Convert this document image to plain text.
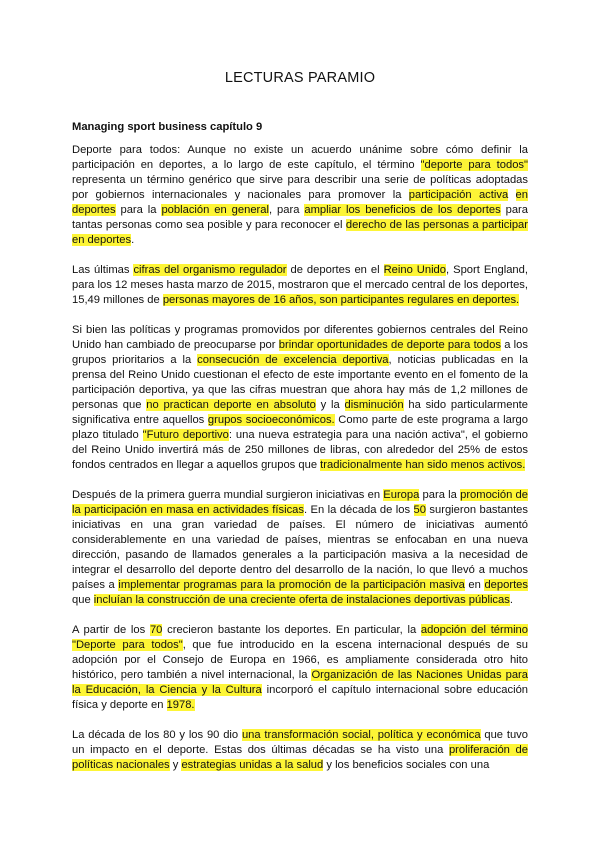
LECTURAS PARAMIO
Managing sport business capítulo 9

Deporte para todos: Aunque no existe un acuerdo unánime sobre cómo definir la participación en deportes, a lo largo de este capítulo, el término "deporte para todos" representa un término genérico que sirve para describir una serie de políticas adoptadas por gobiernos internacionales y nacionales para promover la participación activa en deportes para la población en general, para ampliar los beneficios de los deportes para tantas personas como sea posible y para reconocer el derecho de las personas a participar en deportes.

Las últimas cifras del organismo regulador de deportes en el Reino Unido, Sport England, para los 12 meses hasta marzo de 2015, mostraron que el mercado central de los deportes, 15,49 millones de personas mayores de 16 años, son participantes regulares en deportes.

Si bien las políticas y programas promovidos por diferentes gobiernos centrales del Reino Unido han cambiado de preocuparse por brindar oportunidades de deporte para todos a los grupos prioritarios a la consecución de excelencia deportiva, noticias publicadas en la prensa del Reino Unido cuestionan el efecto de este importante evento en el fomento de la participación deportiva, ya que las cifras muestran que ahora hay más de 1,2 millones de personas que no practican deporte en absoluto y la disminución ha sido particularmente significativa entre aquellos grupos socioeconómicos. Como parte de este programa a largo plazo titulado "Futuro deportivo: una nueva estrategia para una nación activa", el gobierno del Reino Unido invertirá más de 250 millones de libras, con alrededor del 25% de estos fondos centrados en llegar a aquellos grupos que tradicionalmente han sido menos activos.

Después de la primera guerra mundial surgieron iniciativas en Europa para la promoción de la participación en masa en actividades físicas. En la década de los 50 surgieron bastantes iniciativas en una gran variedad de países. El número de iniciativas aumentó considerablemente en una variedad de países, mientras se enfocaban en una nueva dirección, pasando de llamados generales a la participación masiva a la necesidad de integrar el desarrollo del deporte dentro del desarrollo de la nación, lo que llevó a muchos países a implementar programas para la promoción de la participación masiva en deportes que incluían la construcción de una creciente oferta de instalaciones deportivas públicas.

A partir de los 70 crecieron bastante los deportes. En particular, la adopción del término "Deporte para todos", que fue introducido en la escena internacional después de su adopción por el Consejo de Europa en 1966, es ampliamente considerada otro hito histórico, pero también a nivel internacional, la Organización de las Naciones Unidas para la Educación, la Ciencia y la Cultura incorporó el capítulo internacional sobre educación física y deporte en 1978.

La década de los 80 y los 90 dio una transformación social, política y económica que tuvo un impacto en el deporte. Estas dos últimas décadas se ha visto una proliferación de políticas nacionales y estrategias unidas a la salud y los beneficios sociales con una
